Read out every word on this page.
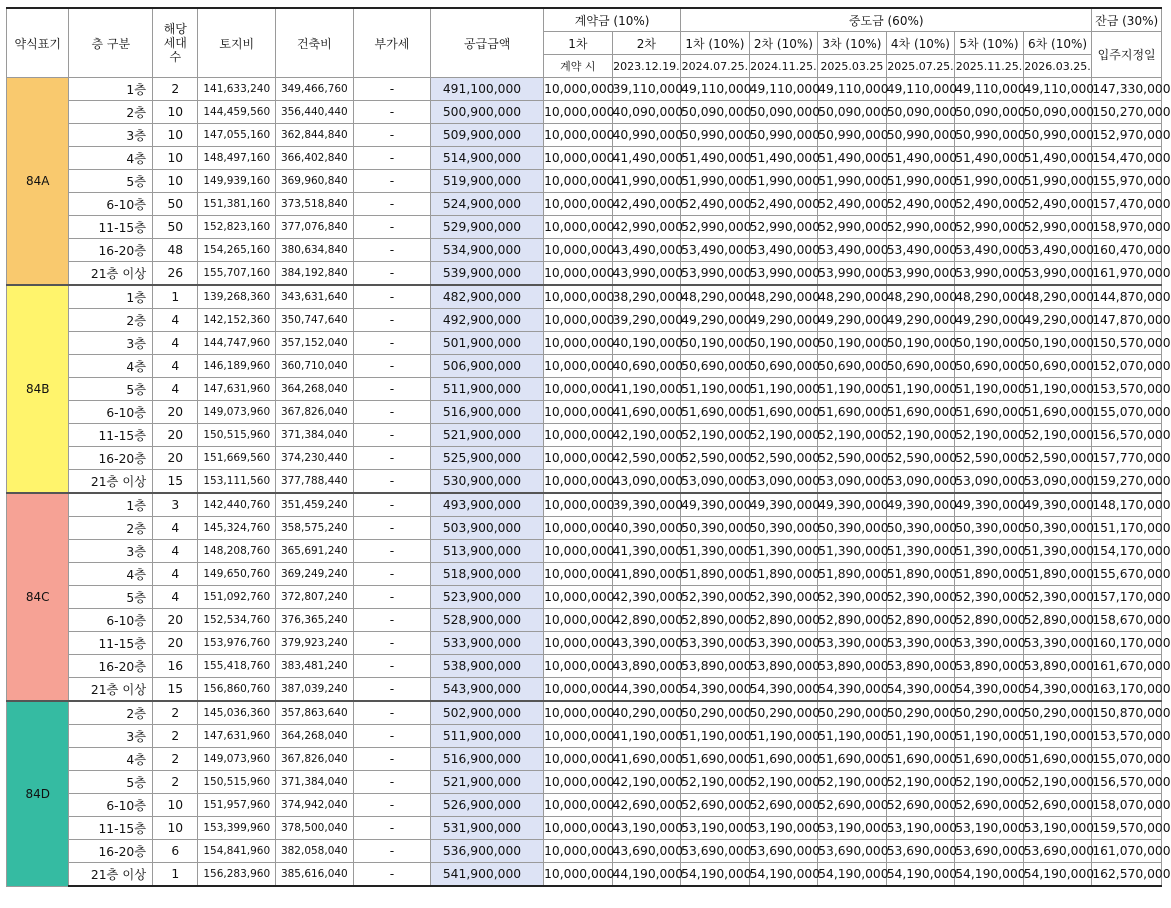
약식표기	층 구분	해당 세대수	토지비	건축비	부가세	공급금액	계약금 (10%)		중도금 (60%)						잔금 (30%)
							1차	2차	1차 (10%)	2차 (10%)	3차 (10%)	4차 (10%)	5차 (10%)	6차 (10%)	입주지정일
							계약 시	2023.12.19.	2024.07.25.	2024.11.25.	2025.03.25	2025.07.25.	2025.11.25.	2026.03.25.	
84A	1층	2	141,633,240	349,466,760	-	491,100,000	10,000,000	39,110,000	49,110,000	49,110,000	49,110,000	49,110,000	49,110,000	49,110,000	147,330,000
	2층	10	144,459,560	356,440,440	-	500,900,000	10,000,000	40,090,000	50,090,000	50,090,000	50,090,000	50,090,000	50,090,000	50,090,000	150,270,000
	3층	10	147,055,160	362,844,840	-	509,900,000	10,000,000	40,990,000	50,990,000	50,990,000	50,990,000	50,990,000	50,990,000	50,990,000	152,970,000
	4층	10	148,497,160	366,402,840	-	514,900,000	10,000,000	41,490,000	51,490,000	51,490,000	51,490,000	51,490,000	51,490,000	51,490,000	154,470,000
	5층	10	149,939,160	369,960,840	-	519,900,000	10,000,000	41,990,000	51,990,000	51,990,000	51,990,000	51,990,000	51,990,000	51,990,000	155,970,000
	6-10층	50	151,381,160	373,518,840	-	524,900,000	10,000,000	42,490,000	52,490,000	52,490,000	52,490,000	52,490,000	52,490,000	52,490,000	157,470,000
	11-15층	50	152,823,160	377,076,840	-	529,900,000	10,000,000	42,990,000	52,990,000	52,990,000	52,990,000	52,990,000	52,990,000	52,990,000	158,970,000
	16-20층	48	154,265,160	380,634,840	-	534,900,000	10,000,000	43,490,000	53,490,000	53,490,000	53,490,000	53,490,000	53,490,000	53,490,000	160,470,000
	21층 이상	26	155,707,160	384,192,840	-	539,900,000	10,000,000	43,990,000	53,990,000	53,990,000	53,990,000	53,990,000	53,990,000	53,990,000	161,970,000
84B	1층	1	139,268,360	343,631,640	-	482,900,000	10,000,000	38,290,000	48,290,000	48,290,000	48,290,000	48,290,000	48,290,000	48,290,000	144,870,000
	2층	4	142,152,360	350,747,640	-	492,900,000	10,000,000	39,290,000	49,290,000	49,290,000	49,290,000	49,290,000	49,290,000	49,290,000	147,870,000
	3층	4	144,747,960	357,152,040	-	501,900,000	10,000,000	40,190,000	50,190,000	50,190,000	50,190,000	50,190,000	50,190,000	50,190,000	150,570,000
	4층	4	146,189,960	360,710,040	-	506,900,000	10,000,000	40,690,000	50,690,000	50,690,000	50,690,000	50,690,000	50,690,000	50,690,000	152,070,000
	5층	4	147,631,960	364,268,040	-	511,900,000	10,000,000	41,190,000	51,190,000	51,190,000	51,190,000	51,190,000	51,190,000	51,190,000	153,570,000
	6-10층	20	149,073,960	367,826,040	-	516,900,000	10,000,000	41,690,000	51,690,000	51,690,000	51,690,000	51,690,000	51,690,000	51,690,000	155,070,000
	11-15층	20	150,515,960	371,384,040	-	521,900,000	10,000,000	42,190,000	52,190,000	52,190,000	52,190,000	52,190,000	52,190,000	52,190,000	156,570,000
	16-20층	20	151,669,560	374,230,440	-	525,900,000	10,000,000	42,590,000	52,590,000	52,590,000	52,590,000	52,590,000	52,590,000	52,590,000	157,770,000
	21층 이상	15	153,111,560	377,788,440	-	530,900,000	10,000,000	43,090,000	53,090,000	53,090,000	53,090,000	53,090,000	53,090,000	53,090,000	159,270,000
84C	1층	3	142,440,760	351,459,240	-	493,900,000	10,000,000	39,390,000	49,390,000	49,390,000	49,390,000	49,390,000	49,390,000	49,390,000	148,170,000
	2층	4	145,324,760	358,575,240	-	503,900,000	10,000,000	40,390,000	50,390,000	50,390,000	50,390,000	50,390,000	50,390,000	50,390,000	151,170,000
	3층	4	148,208,760	365,691,240	-	513,900,000	10,000,000	41,390,000	51,390,000	51,390,000	51,390,000	51,390,000	51,390,000	51,390,000	154,170,000
	4층	4	149,650,760	369,249,240	-	518,900,000	10,000,000	41,890,000	51,890,000	51,890,000	51,890,000	51,890,000	51,890,000	51,890,000	155,670,000
	5층	4	151,092,760	372,807,240	-	523,900,000	10,000,000	42,390,000	52,390,000	52,390,000	52,390,000	52,390,000	52,390,000	52,390,000	157,170,000
	6-10층	20	152,534,760	376,365,240	-	528,900,000	10,000,000	42,890,000	52,890,000	52,890,000	52,890,000	52,890,000	52,890,000	52,890,000	158,670,000
	11-15층	20	153,976,760	379,923,240	-	533,900,000	10,000,000	43,390,000	53,390,000	53,390,000	53,390,000	53,390,000	53,390,000	53,390,000	160,170,000
	16-20층	16	155,418,760	383,481,240	-	538,900,000	10,000,000	43,890,000	53,890,000	53,890,000	53,890,000	53,890,000	53,890,000	53,890,000	161,670,000
	21층 이상	15	156,860,760	387,039,240	-	543,900,000	10,000,000	44,390,000	54,390,000	54,390,000	54,390,000	54,390,000	54,390,000	54,390,000	163,170,000
84D	2층	2	145,036,360	357,863,640	-	502,900,000	10,000,000	40,290,000	50,290,000	50,290,000	50,290,000	50,290,000	50,290,000	50,290,000	150,870,000
	3층	2	147,631,960	364,268,040	-	511,900,000	10,000,000	41,190,000	51,190,000	51,190,000	51,190,000	51,190,000	51,190,000	51,190,000	153,570,000
	4층	2	149,073,960	367,826,040	-	516,900,000	10,000,000	41,690,000	51,690,000	51,690,000	51,690,000	51,690,000	51,690,000	51,690,000	155,070,000
	5층	2	150,515,960	371,384,040	-	521,900,000	10,000,000	42,190,000	52,190,000	52,190,000	52,190,000	52,190,000	52,190,000	52,190,000	156,570,000
	6-10층	10	151,957,960	374,942,040	-	526,900,000	10,000,000	42,690,000	52,690,000	52,690,000	52,690,000	52,690,000	52,690,000	52,690,000	158,070,000
	11-15층	10	153,399,960	378,500,040	-	531,900,000	10,000,000	43,190,000	53,190,000	53,190,000	53,190,000	53,190,000	53,190,000	53,190,000	159,570,000
	16-20층	6	154,841,960	382,058,040	-	536,900,000	10,000,000	43,690,000	53,690,000	53,690,000	53,690,000	53,690,000	53,690,000	53,690,000	161,070,000
	21층 이상	1	156,283,960	385,616,040	-	541,900,000	10,000,000	44,190,000	54,190,000	54,190,000	54,190,000	54,190,000	54,190,000	54,190,000	162,570,000
